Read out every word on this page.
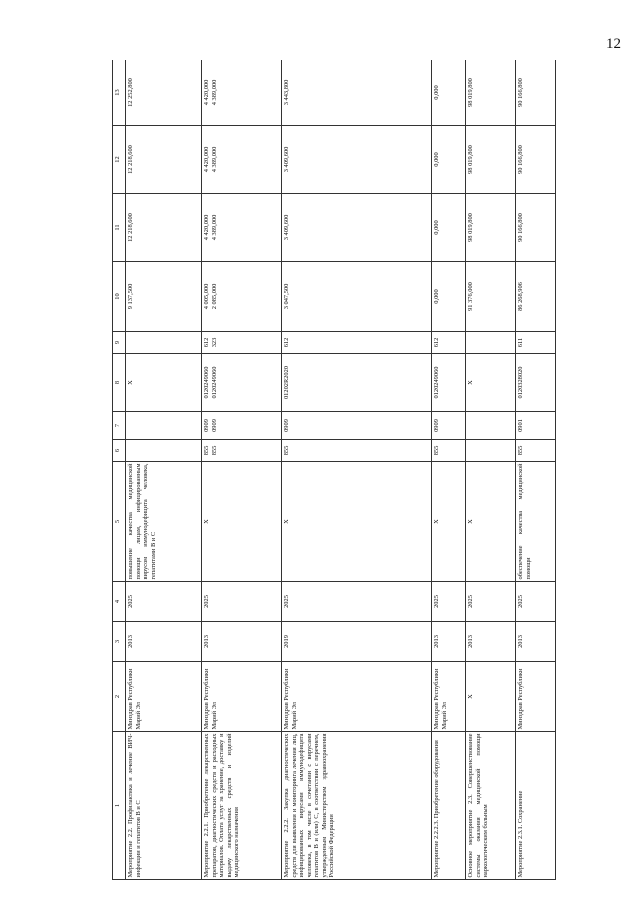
12
1	2	3	4	5	6	7	8	9	10	11	12	13
Мероприятие 2.2. Профилактика и лечение ВИЧ-инфекции и гепатитов В и С	Минздрав Республики Марий Эл	2013	2025	повышение качества медицинской помощи лицам, инфицированным вирусом иммунодефицита человека, гепатитами В и С			X		9 137,500	12 218,600	12 218,600	12 252,800
Мероприятие 2.2.1. Приобретение лекарственных препаратов, диагностических средств и расходных материалов. Оплата услуг за хранение, доставку и выдачу лекарственных средств и изделий медицинского назначения	Минздрав Республики Марий Эл	2013	2025	X	855 855	0909 0909	0120249060 0120249060	612 323	4 005,000 2 085,000	4 420,000 4 389,000	4 420,000 4 389,000	4 420,000 4 389,000

Мероприятие 2.2.2. Закупка диагностических средств для выявления и мониторинга лечения лиц, инфицированных вирусами иммунодефицита человека, в том числе в сочетании с вирусами гепатитов В и (или) С, в соответствии с перечнем, утвержденным Министерством здравоохранения Российской Федерации	Минздрав Республики Марий Эл	2019	2025	X	855	0909	01202R2020	612	3 047,500	3 409,600	3 409,600	3 443,800
Мероприятие 2.2.2.3. Приобретение оборудования	Минздрав Республики Марий Эл	2013	2025	X	855	0909	0120249060	612	0,000	0,000	0,000	0,000
Основное мероприятие 2.3. Совершенствование системы оказания медицинской помощи наркологическим больным	X	2013	2025	X			X		91 376,000	98 019,800	98 019,800	98 019,800
Мероприятие 2.3.1. Сохранение	Минздрав Республики	2013	2025	обеспечение качества медицинской помощи	855	0901	0120328020	611	86 268,906	90 166,800	90 166,800	90 166,800
